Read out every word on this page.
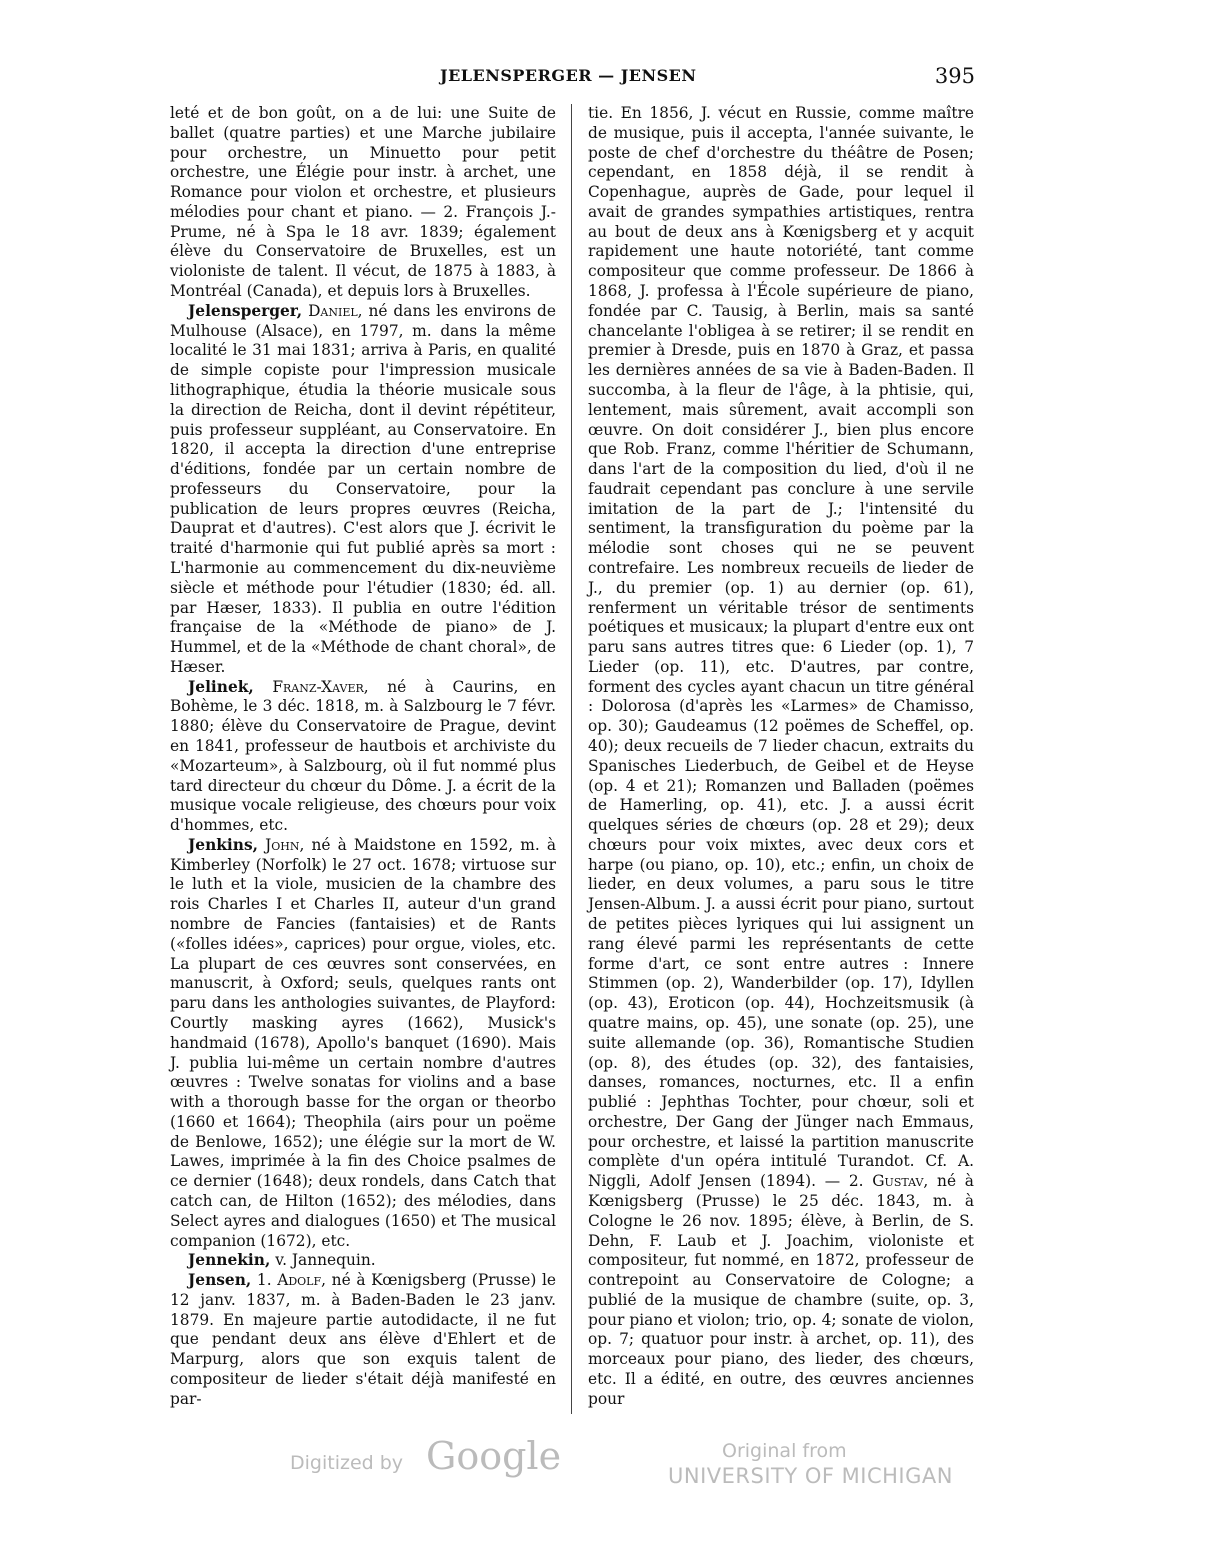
JELENSPERGER — JENSEN	395

leté et de bon goût, on a de lui: une Suite de ballet (quatre parties) et une Marche jubilaire pour orchestre, un Minuetto pour petit orchestre, une Élégie pour instr. à archet, une Romance pour violon et orchestre, et plusieurs mélodies pour chant et piano. — 2. François J.-Prume, né à Spa le 18 avr. 1839; également élève du Conservatoire de Bruxelles, est un violoniste de talent. Il vécut, de 1875 à 1883, à Montréal (Canada), et depuis lors à Bruxelles.

Jelensperger, Daniel, né dans les environs de Mulhouse (Alsace), en 1797, m. dans la même localité le 31 mai 1831; arriva à Paris, en qualité de simple copiste pour l'impression musicale lithographique, étudia la théorie musicale sous la direction de Reicha, dont il devint répétiteur, puis professeur suppléant, au Conservatoire. En 1820, il accepta la direction d'une entreprise d'éditions, fondée par un certain nombre de professeurs du Conservatoire, pour la publication de leurs propres œuvres (Reicha, Dauprat et d'autres). C'est alors que J. écrivit le traité d'harmonie qui fut publié après sa mort : L'harmonie au commencement du dix-neuvième siècle et méthode pour l'étudier (1830; éd. all. par Hæser, 1833). Il publia en outre l'édition française de la «Méthode de piano» de J. Hummel, et de la «Méthode de chant choral», de Hæser.

Jelinek, Franz-Xaver, né à Caurins, en Bohème, le 3 déc. 1818, m. à Salzbourg le 7 févr. 1880; élève du Conservatoire de Prague, devint en 1841, professeur de hautbois et archiviste du «Mozarteum», à Salzbourg, où il fut nommé plus tard directeur du chœur du Dôme. J. a écrit de la musique vocale religieuse, des chœurs pour voix d'hommes, etc.

Jenkins, John, né à Maidstone en 1592, m. à Kimberley (Norfolk) le 27 oct. 1678; virtuose sur le luth et la viole, musicien de la chambre des rois Charles I et Charles II, auteur d'un grand nombre de Fancies (fantaisies) et de Rants («folles idées», caprices) pour orgue, violes, etc. La plupart de ces œuvres sont conservées, en manuscrit, à Oxford; seuls, quelques rants ont paru dans les anthologies suivantes, de Playford: Courtly masking ayres (1662), Musick's handmaid (1678), Apollo's banquet (1690). Mais J. publia lui-même un certain nombre d'autres œuvres : Twelve sonatas for violins and a base with a thorough basse for the organ or theorbo (1660 et 1664); Theophila (airs pour un poëme de Benlowe, 1652); une élégie sur la mort de W. Lawes, imprimée à la fin des Choice psalmes de ce dernier (1648); deux rondels, dans Catch that catch can, de Hilton (1652); des mélodies, dans Select ayres and dialogues (1650) et The musical companion (1672), etc.

Jennekin, v. Jannequin.

Jensen, 1. Adolf, né à Kœnigsberg (Prusse) le 12 janv. 1837, m. à Baden-Baden le 23 janv. 1879. En majeure partie autodidacte, il ne fut que pendant deux ans élève d'Ehlert et de Marpurg, alors que son exquis talent de compositeur de lieder s'était déjà manifesté en par-

tie. En 1856, J. vécut en Russie, comme maître de musique, puis il accepta, l'année suivante, le poste de chef d'orchestre du théâtre de Posen; cependant, en 1858 déjà, il se rendit à Copenhague, auprès de Gade, pour lequel il avait de grandes sympathies artistiques, rentra au bout de deux ans à Kœnigsberg et y acquit rapidement une haute notoriété, tant comme compositeur que comme professeur. De 1866 à 1868, J. professa à l'École supérieure de piano, fondée par C. Tausig, à Berlin, mais sa santé chancelante l'obligea à se retirer; il se rendit en premier à Dresde, puis en 1870 à Graz, et passa les dernières années de sa vie à Baden-Baden. Il succomba, à la fleur de l'âge, à la phtisie, qui, lentement, mais sûrement, avait accompli son œuvre. On doit considérer J., bien plus encore que Rob. Franz, comme l'héritier de Schumann, dans l'art de la composition du lied, d'où il ne faudrait cependant pas conclure à une servile imitation de la part de J.; l'intensité du sentiment, la transfiguration du poème par la mélodie sont choses qui ne se peuvent contrefaire. Les nombreux recueils de lieder de J., du premier (op. 1) au dernier (op. 61), renferment un véritable trésor de sentiments poétiques et musicaux; la plupart d'entre eux ont paru sans autres titres que: 6 Lieder (op. 1), 7 Lieder (op. 11), etc. D'autres, par contre, forment des cycles ayant chacun un titre général : Dolorosa (d'après les «Larmes» de Chamisso, op. 30); Gaudeamus (12 poëmes de Scheffel, op. 40); deux recueils de 7 lieder chacun, extraits du Spanisches Liederbuch, de Geibel et de Heyse (op. 4 et 21); Romanzen und Balladen (poëmes de Hamerling, op. 41), etc. J. a aussi écrit quelques séries de chœurs (op. 28 et 29); deux chœurs pour voix mixtes, avec deux cors et harpe (ou piano, op. 10), etc.; enfin, un choix de lieder, en deux volumes, a paru sous le titre Jensen-Album. J. a aussi écrit pour piano, surtout de petites pièces lyriques qui lui assignent un rang élevé parmi les représentants de cette forme d'art, ce sont entre autres : Innere Stimmen (op. 2), Wanderbilder (op. 17), Idyllen (op. 43), Eroticon (op. 44), Hochzeitsmusik (à quatre mains, op. 45), une sonate (op. 25), une suite allemande (op. 36), Romantische Studien (op. 8), des études (op. 32), des fantaisies, danses, romances, nocturnes, etc. Il a enfin publié : Jephthas Tochter, pour chœur, soli et orchestre, Der Gang der Jünger nach Emmaus, pour orchestre, et laissé la partition manuscrite complète d'un opéra intitulé Turandot. Cf. A. Niggli, Adolf Jensen (1894). — 2. Gustav, né à Kœnigsberg (Prusse) le 25 déc. 1843, m. à Cologne le 26 nov. 1895; élève, à Berlin, de S. Dehn, F. Laub et J. Joachim, violoniste et compositeur, fut nommé, en 1872, professeur de contrepoint au Conservatoire de Cologne; a publié de la musique de chambre (suite, op. 3, pour piano et violon; trio, op. 4; sonate de violon, op. 7; quatuor pour instr. à archet, op. 11), des morceaux pour piano, des lieder, des chœurs, etc. Il a édité, en outre, des œuvres anciennes pour

Digitized by Google	Original from
UNIVERSITY OF MICHIGAN
